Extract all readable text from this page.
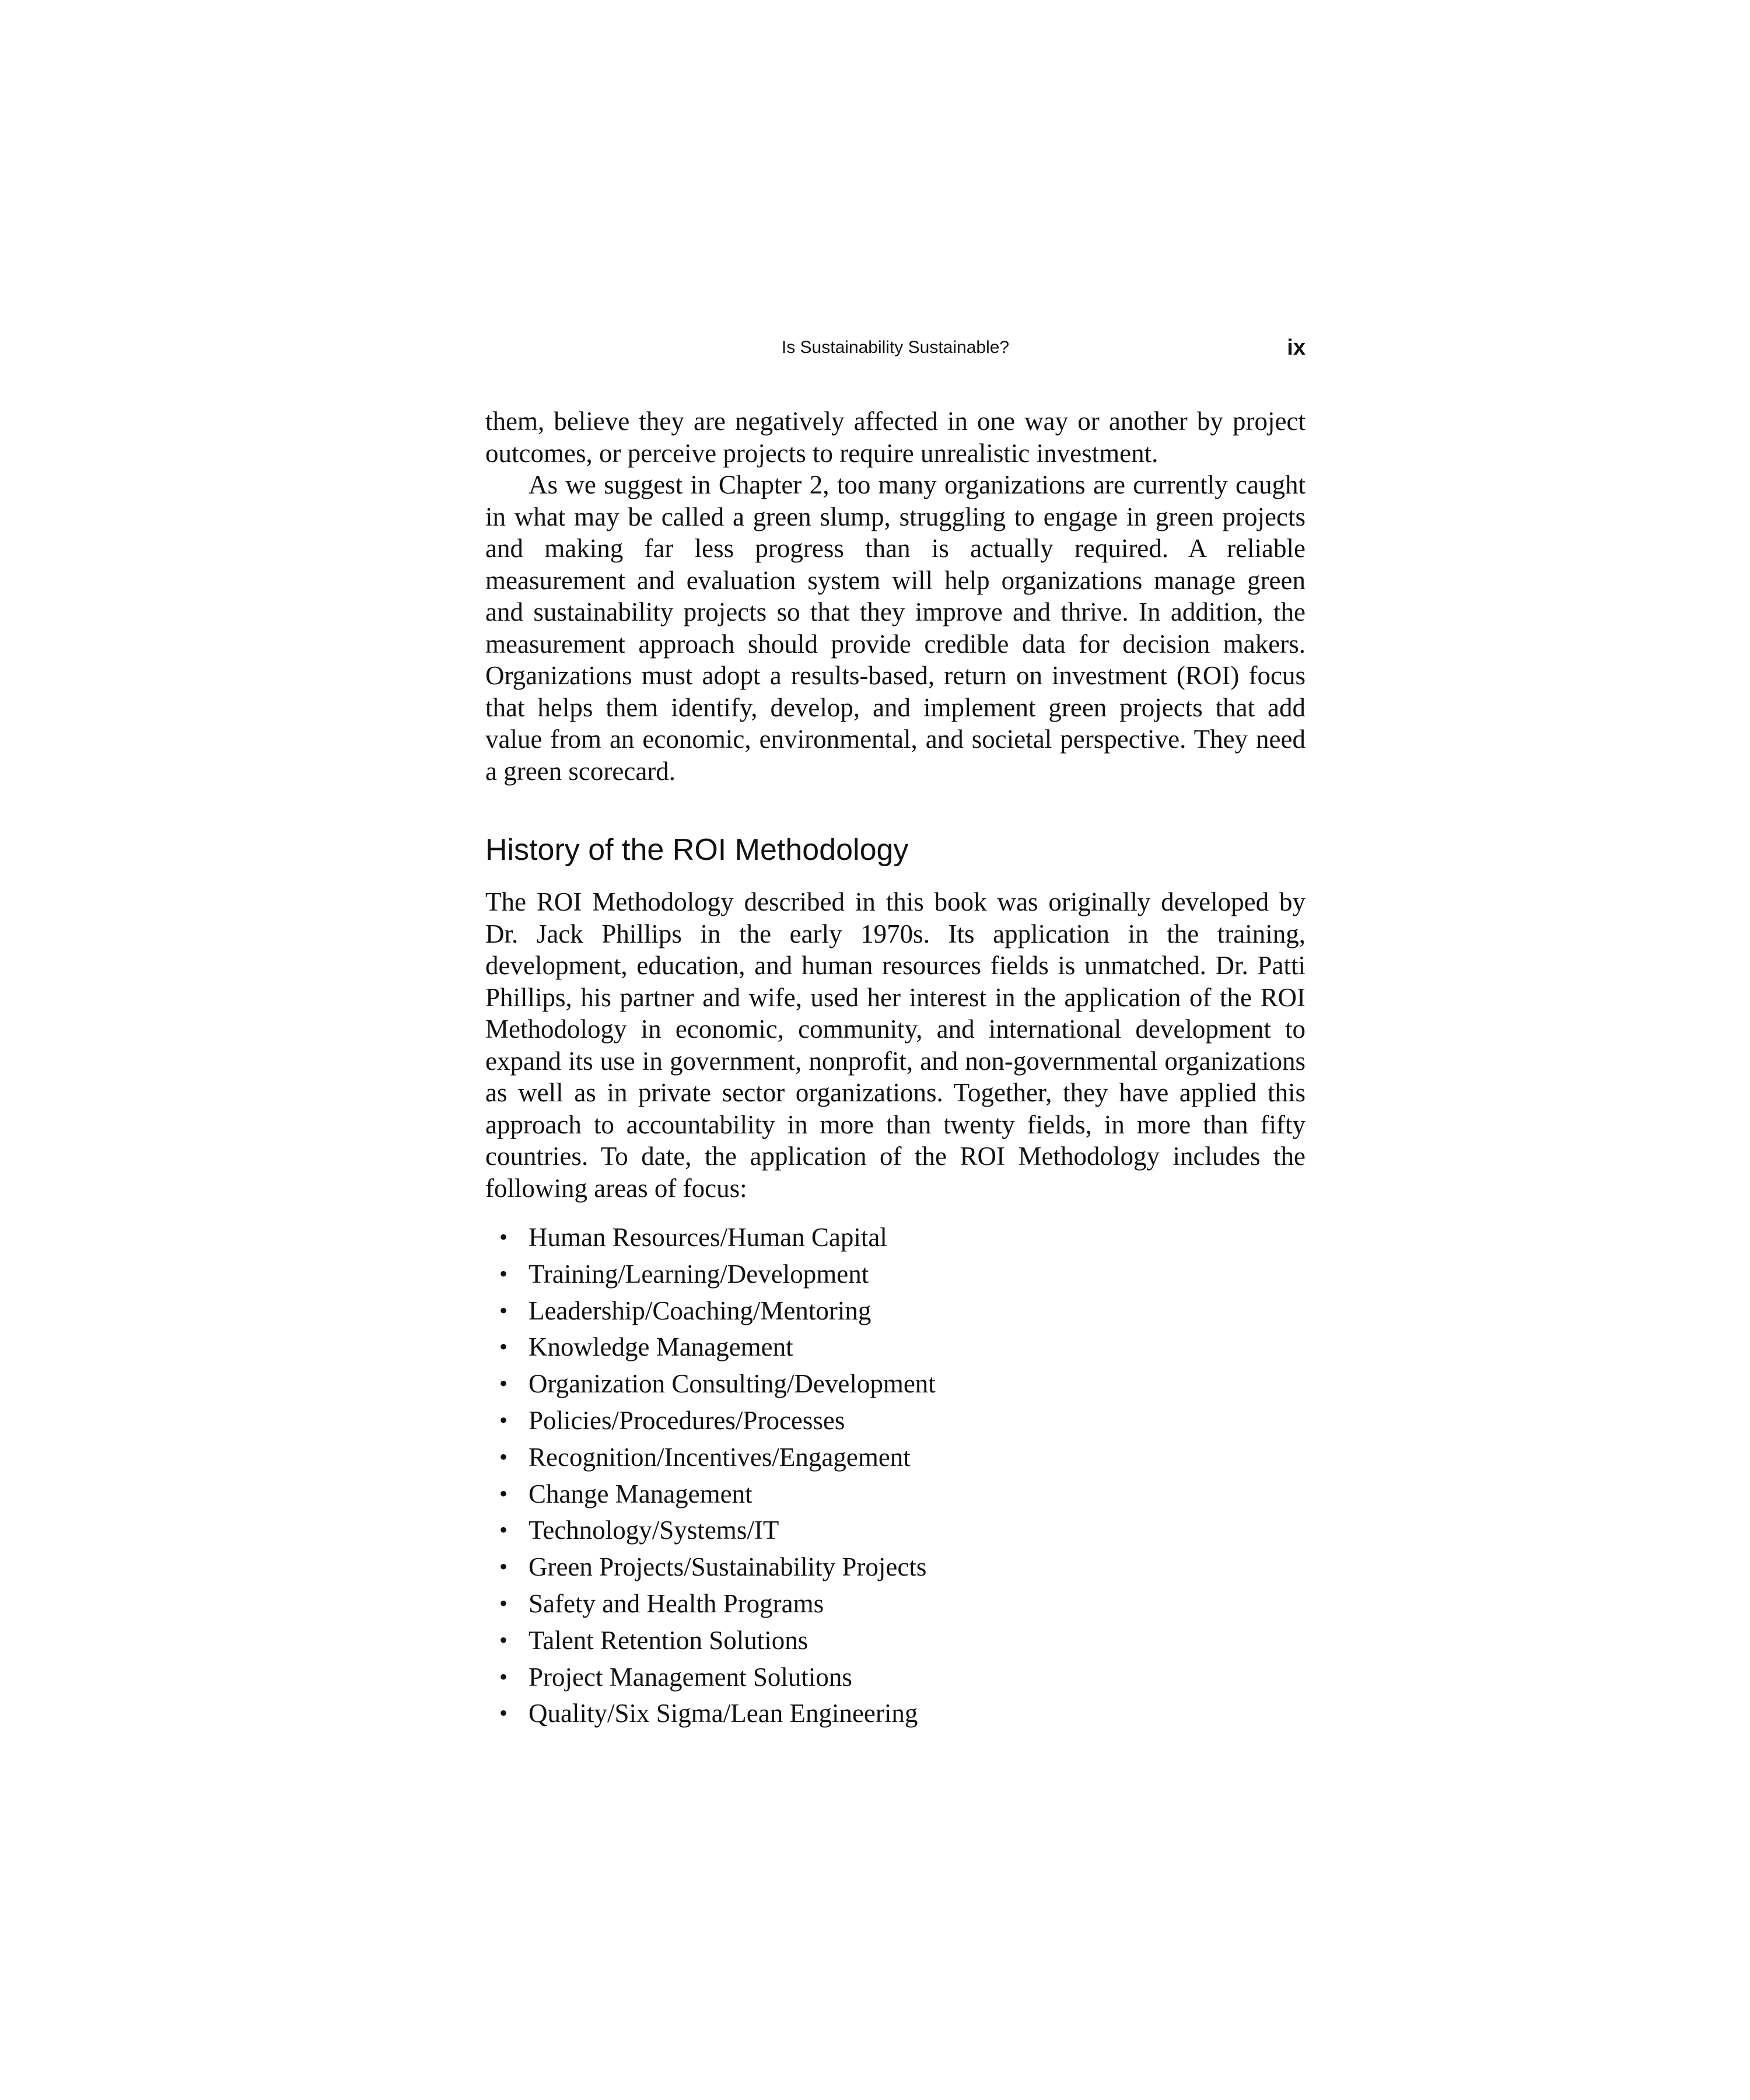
Is Sustainability Sustainable?	ix

them, believe they are negatively affected in one way or another by project outcomes, or perceive projects to require unrealistic investment.

As we suggest in Chapter 2, too many organizations are currently caught in what may be called a green slump, struggling to engage in green projects and making far less progress than is actually required. A reliable measurement and evaluation system will help organizations manage green and sustainability projects so that they improve and thrive. In addition, the measurement approach should provide credible data for decision makers. Organizations must adopt a results-based, return on investment (ROI) focus that helps them identify, develop, and implement green projects that add value from an economic, environmental, and societal perspective. They need a green scorecard.

History of the ROI Methodology

The ROI Methodology described in this book was originally developed by Dr. Jack Phillips in the early 1970s. Its application in the training, development, education, and human resources fields is unmatched. Dr. Patti Phillips, his partner and wife, used her interest in the application of the ROI Methodology in economic, community, and international development to expand its use in government, nonprofit, and non-governmental organizations as well as in private sector organizations. Together, they have applied this approach to accountability in more than twenty fields, in more than fifty countries. To date, the application of the ROI Methodology includes the following areas of focus:

• Human Resources/Human Capital
• Training/Learning/Development
• Leadership/Coaching/Mentoring
• Knowledge Management
• Organization Consulting/Development
• Policies/Procedures/Processes
• Recognition/Incentives/Engagement
• Change Management
• Technology/Systems/IT
• Green Projects/Sustainability Projects
• Safety and Health Programs
• Talent Retention Solutions
• Project Management Solutions
• Quality/Six Sigma/Lean Engineering
